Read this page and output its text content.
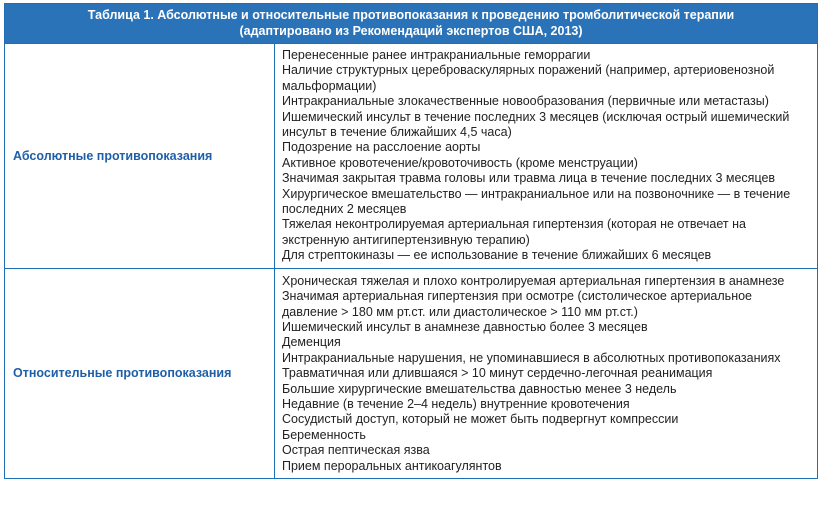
Таблица 1. Абсолютные и относительные противопоказания к проведению тромболитической терапии
(адаптировано из Рекомендаций экспертов США, 2013)
Абсолютные противопоказания
Перенесенные ранее интракраниальные геморрагии
Наличие структурных цереброваскулярных поражений (например, артериовенозной мальформации)
Интракраниальные злокачественные новообразования (первичные или метастазы)
Ишемический инсульт в течение последних 3 месяцев (исключая острый ишемический инсульт в течение ближайших 4,5 часа)
Подозрение на расслоение аорты
Активное кровотечение/кровоточивость (кроме менструации)
Значимая закрытая травма головы или травма лица в течение последних 3 месяцев
Хирургическое вмешательство — интракраниальное или на позвоночнике — в течение последних 2 месяцев
Тяжелая неконтролируемая артериальная гипертензия (которая не отвечает на экстренную антигипертензивную терапию)
Для стрептокиназы — ее использование в течение ближайших 6 месяцев
Относительные противопоказания
Хроническая тяжелая и плохо контролируемая артериальная гипертензия в анамнезе
Значимая артериальная гипертензия при осмотре (систолическое артериальное давление > 180 мм рт.ст. или диастолическое > 110 мм рт.ст.)
Ишемический инсульт в анамнезе давностью более 3 месяцев
Деменция
Интракраниальные нарушения, не упоминавшиеся в абсолютных противопоказаниях
Травматичная или длившаяся > 10 минут сердечно-легочная реанимация
Большие хирургические вмешательства давностью менее 3 недель
Недавние (в течение 2–4 недель) внутренние кровотечения
Сосудистый доступ, который не может быть подвергнут компрессии
Беременность
Острая пептическая язва
Прием пероральных антикоагулянтов
